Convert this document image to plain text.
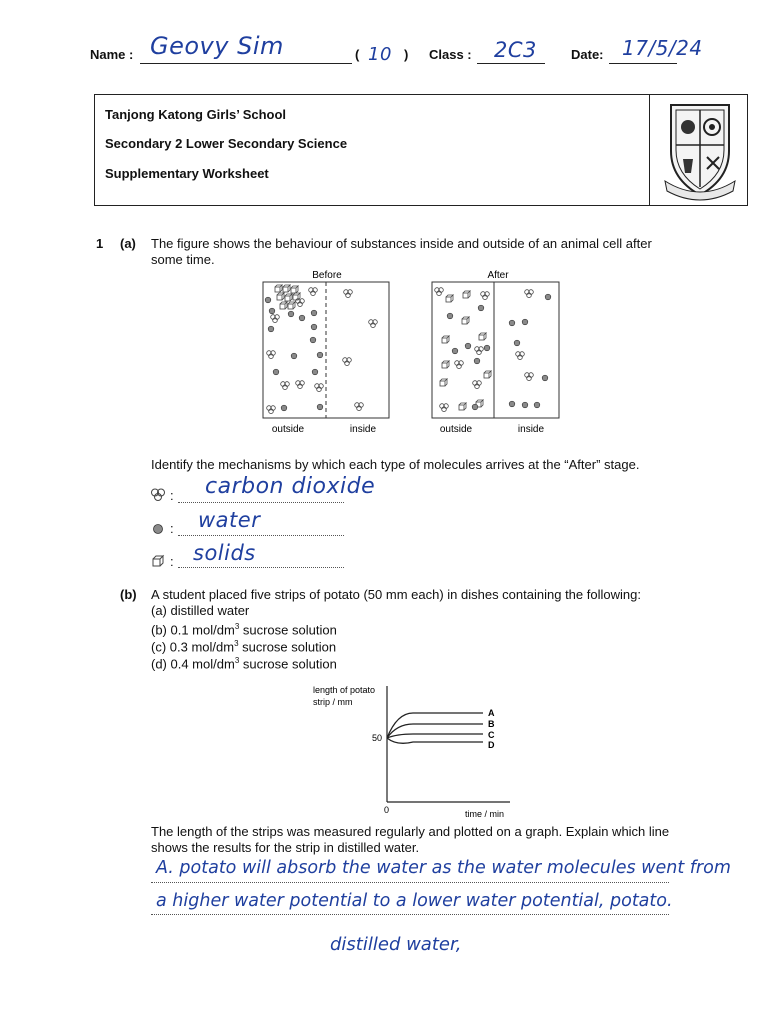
Name : Geovy Sim	( 10 ) Class : 2C3	Date: 17/5/24
Tanjong Katong Girls’ School
Secondary 2 Lower Secondary Science
Supplementary Worksheet
1 (a) The figure shows the behaviour of substances inside and outside of an animal cell after some time.
Before	After
outside	inside	outside	inside
Identify the mechanisms by which each type of molecules arrives at the “After” stage.
: carbon dioxide
: water
: solids
(b) A student placed five strips of potato (50 mm each) in dishes containing the following:
(a) distilled water
(b) 0.1 mol/$dm^3$ sucrose solution
(c) 0.3 mol/$dm^3$ sucrose solution
(d) 0.4 mol/$dm^3$ sucrose solution
length of potato
strip / mm
50
0	time / min
A
B
C
D
The length of the strips was measured regularly and plotted on a graph. Explain which line shows the results for the strip in distilled water.
A. potato will absorb the water as the water molecules went from
a higher water potential to a lower water potential, potato.
distilled water,
